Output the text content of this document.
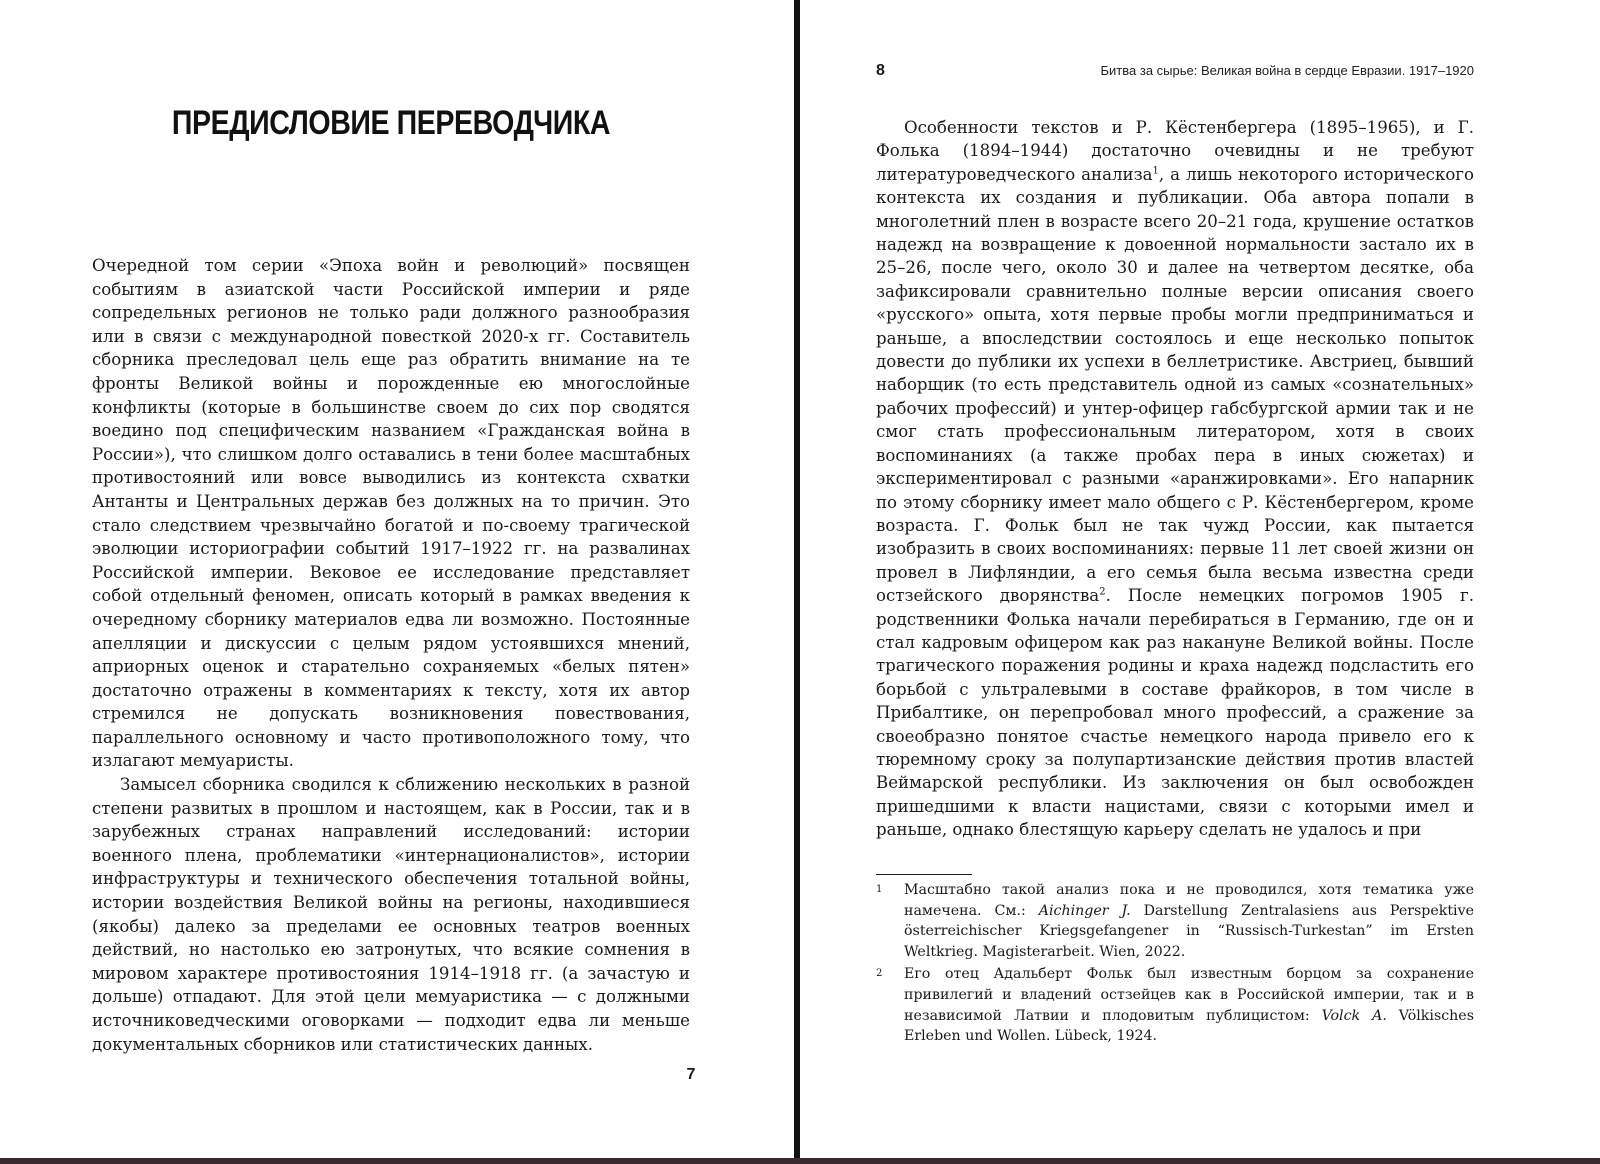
ПРЕДИСЛОВИЕ ПЕРЕВОДЧИКА

Очередной том серии «Эпоха войн и революций» посвящен событиям в азиатской части Российской империи и ряде сопредельных регионов не только ради должного разнообразия или в связи с международной повесткой 2020-х гг. Составитель сборника преследовал цель еще раз обратить внимание на те фронты Великой войны и порожденные ею многослойные конфликты (которые в большинстве своем до сих пор сводятся воедино под специфическим названием «Гражданская война в России»), что слишком долго оставались в тени более масштабных противостояний или вовсе выводились из контекста схватки Антанты и Центральных держав без должных на то причин. Это стало следствием чрезвычайно богатой и по-своему трагической эволюции историографии событий 1917–1922 гг. на развалинах Российской империи. Вековое ее исследование представляет собой отдельный феномен, описать который в рамках введения к очередному сборнику материалов едва ли возможно. Постоянные апелляции и дискуссии с целым рядом устоявшихся мнений, априорных оценок и старательно сохраняемых «белых пятен» достаточно отражены в комментариях к тексту, хотя их автор стремился не допускать возникновения повествования, параллельного основному и часто противоположного тому, что излагают мемуаристы.

Замысел сборника сводился к сближению нескольких в разной степени развитых в прошлом и настоящем, как в России, так и в зарубежных странах направлений исследований: истории военного плена, проблематики «интернационалистов», истории инфраструктуры и технического обеспечения тотальной войны, истории воздействия Великой войны на регионы, находившиеся (якобы) далеко за пределами ее основных театров военных действий, но настолько ею затронутых, что всякие сомнения в мировом характере противостояния 1914–1918 гг. (а зачастую и дольше) отпадают. Для этой цели мемуаристика — с должными источниковедческими оговорками — подходит едва ли меньше документальных сборников или статистических данных.

7
8	Битва за сырье: Великая война в сердце Евразии. 1917–1920

Особенности текстов и Р. Кёстенбергера (1895–1965), и Г. Фолька (1894–1944) достаточно очевидны и не требуют литературоведческого анализа$^1$, а лишь некоторого исторического контекста их создания и публикации. Оба автора попали в многолетний плен в возрасте всего 20–21 года, крушение остатков надежд на возвращение к довоенной нормальности застало их в 25–26, после чего, около 30 и далее на четвертом десятке, оба зафиксировали сравнительно полные версии описания своего «русского» опыта, хотя первые пробы могли предприниматься и раньше, а впоследствии состоялось и еще несколько попыток довести до публики их успехи в беллетристике. Австриец, бывший наборщик (то есть представитель одной из самых «сознательных» рабочих профессий) и унтер-офицер габсбургской армии так и не смог стать профессиональным литератором, хотя в своих воспоминаниях (а также пробах пера в иных сюжетах) и экспериментировал с разными «аранжировками». Его напарник по этому сборнику имеет мало общего с Р. Кёстенбергером, кроме возраста. Г. Фольк был не так чужд России, как пытается изобразить в своих воспоминаниях: первые 11 лет своей жизни он провел в Лифляндии, а его семья была весьма известна среди остзейского дворянства$^2$. После немецких погромов 1905 г. родственники Фолька начали перебираться в Германию, где он и стал кадровым офицером как раз накануне Великой войны. После трагического поражения родины и краха надежд подсластить его борьбой с ультралевыми в составе фрайкоров, в том числе в Прибалтике, он перепробовал много профессий, а сражение за своеобразно понятое счастье немецкого народа привело его к тюремному сроку за полупартизанские действия против властей Веймарской республики. Из заключения он был освобожден пришедшими к власти нацистами, связи с которыми имел и раньше, однако блестящую карьеру сделать не удалось и при

1 Масштабно такой анализ пока и не проводился, хотя тематика уже намечена. См.: Aichinger J. Darstellung Zentralasiens aus Perspektive österreichischer Kriegsgefangener in “Russisch-Turkestan” im Ersten Weltkrieg. Magisterarbeit. Wien, 2022.
2 Его отец Адальберт Фольк был известным борцом за сохранение привилегий и владений остзейцев как в Российской империи, так и в независимой Латвии и плодовитым публицистом: Volck A. Völkisches Erleben und Wollen. Lübeck, 1924.
